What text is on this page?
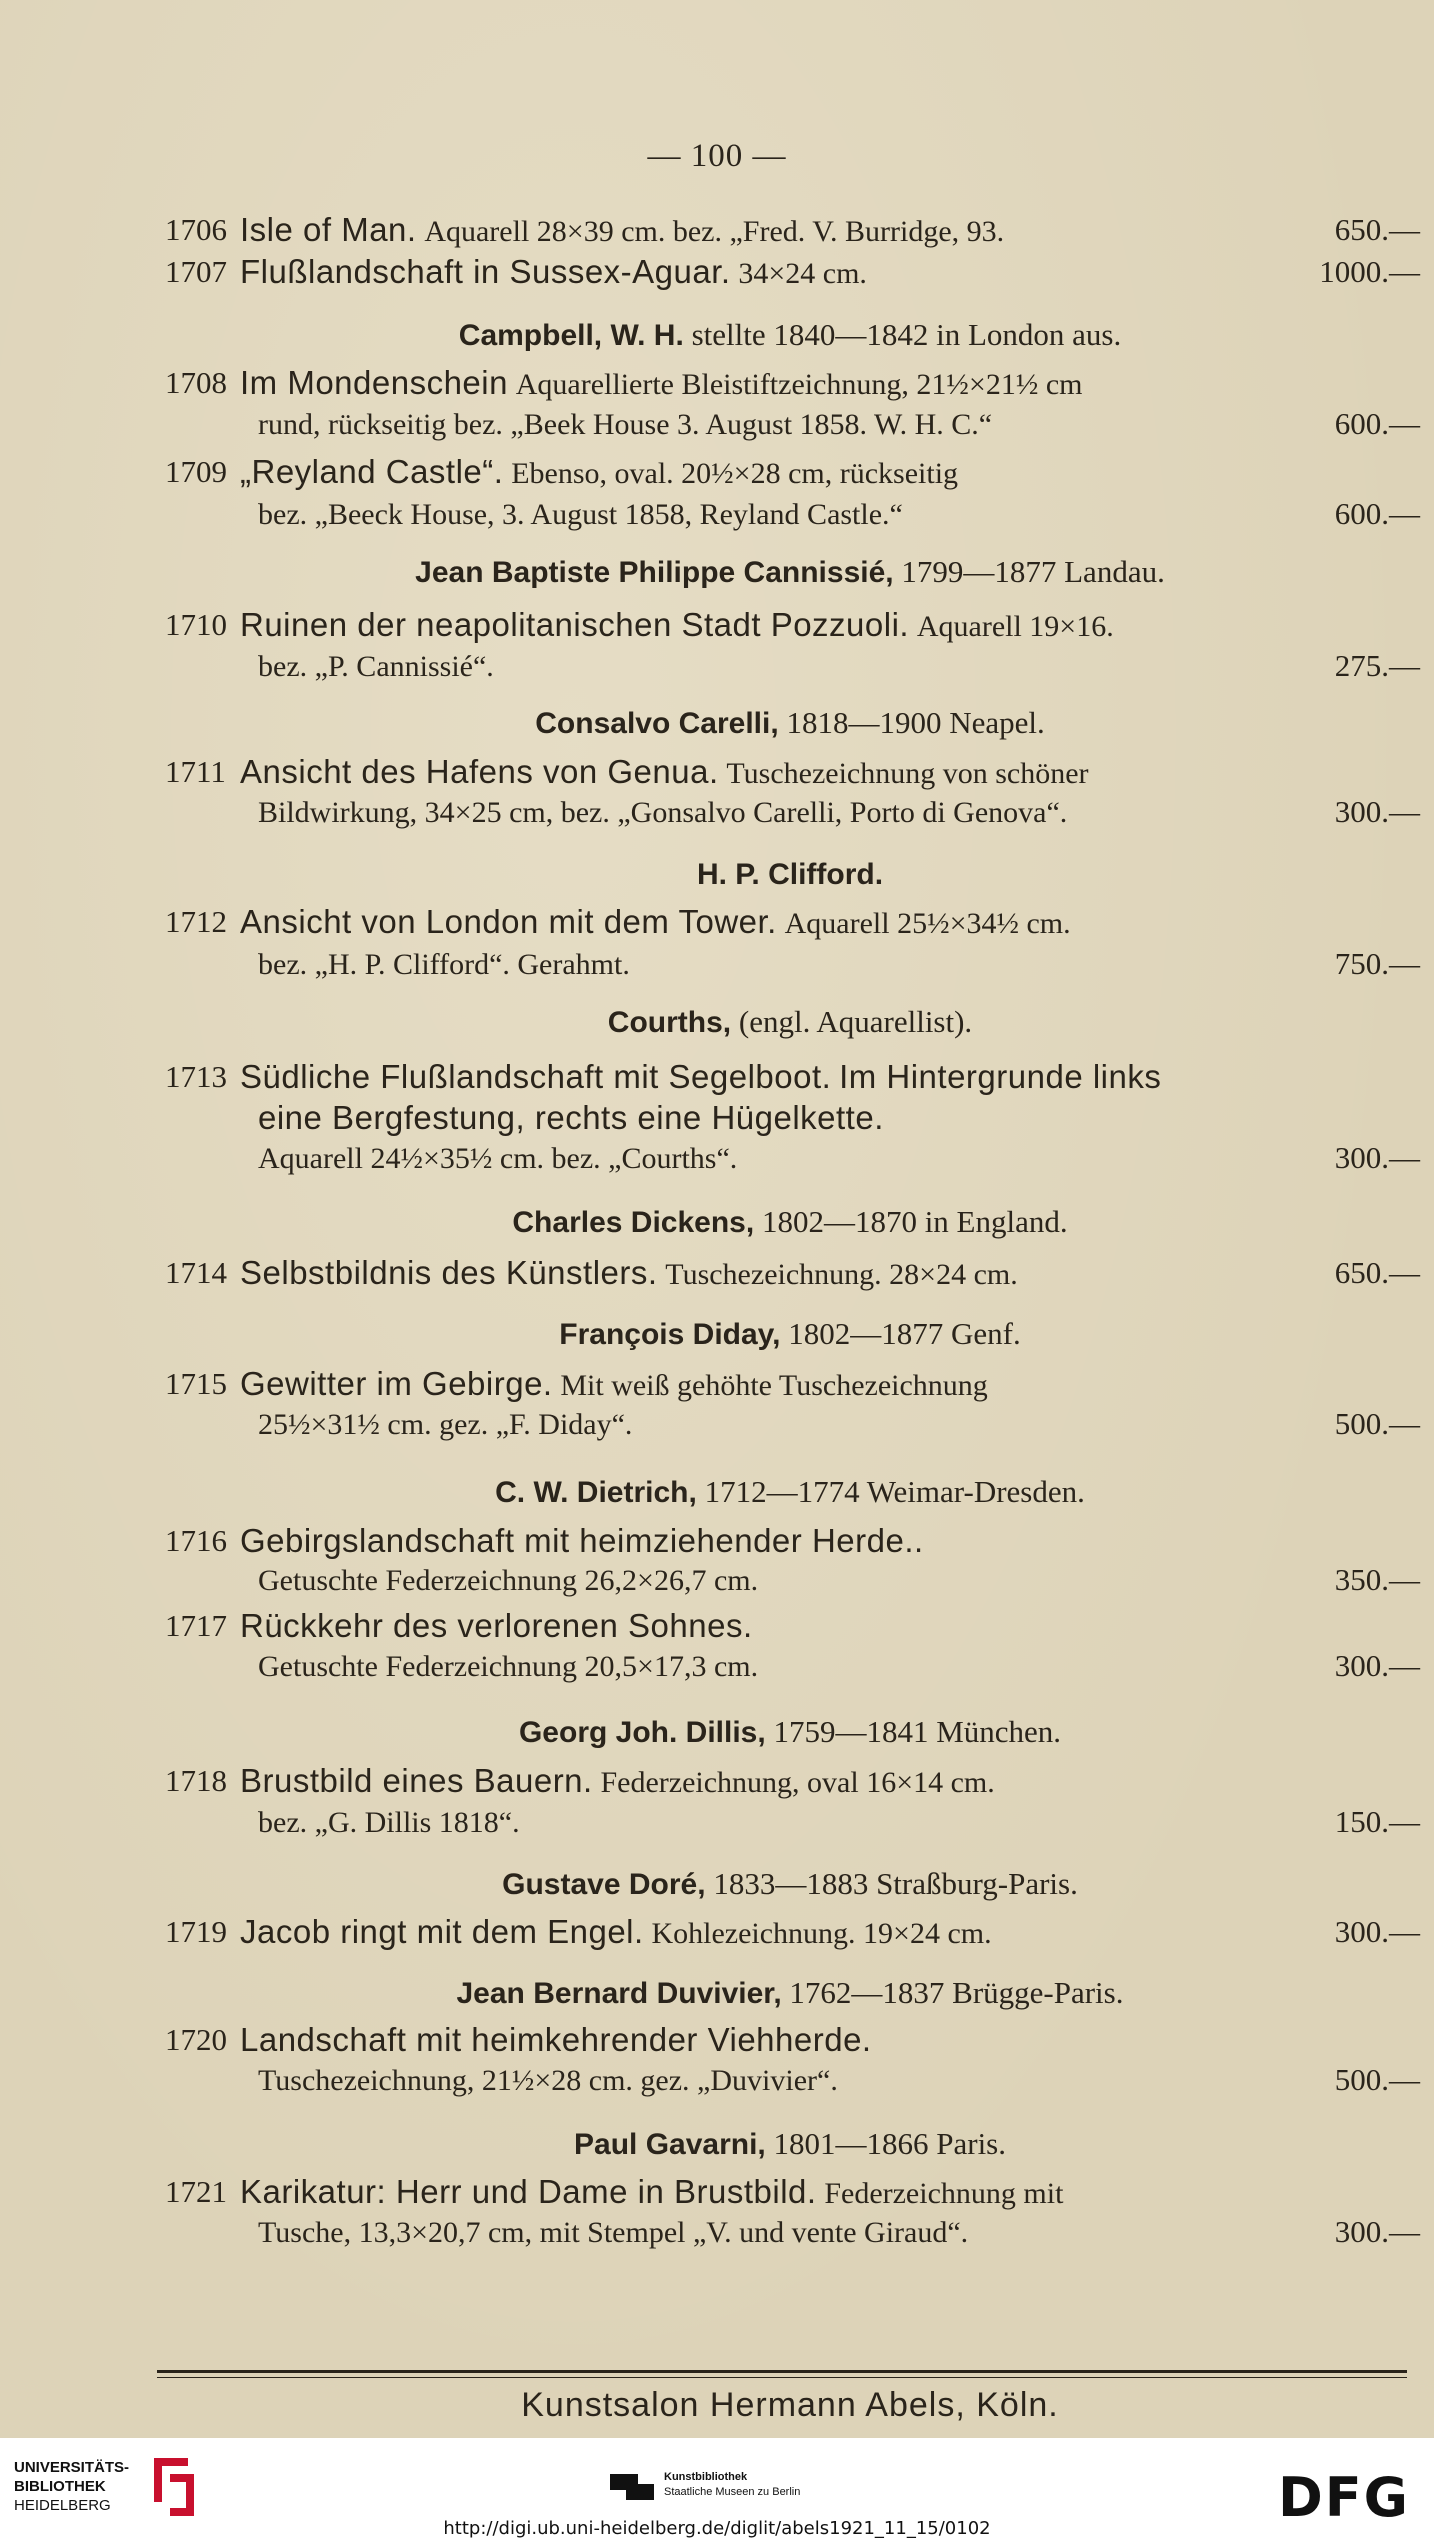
— 100 —
1706 Isle of Man. Aquarell 28×39 cm. bez. „Fred. V. Burridge, 93.	650.—
1707 Flußlandschaft in Sussex-Aguar. 34×24 cm.	1000.—
Campbell, W. H. stellte 1840—1842 in London aus.
1708 Im Mondenschein Aquarellierte Bleistiftzeichnung, 21½×21½ cm
rund, rückseitig bez. „Beek House 3. August 1858. W. H. C.“	600.—
1709 „Reyland Castle“. Ebenso, oval. 20½×28 cm, rückseitig
bez. „Beeck House, 3. August 1858, Reyland Castle.“	600.—
Jean Baptiste Philippe Cannissié, 1799—1877 Landau.
1710 Ruinen der neapolitanischen Stadt Pozzuoli. Aquarell 19×16.
bez. „P. Cannissié“.	275.—
Consalvo Carelli, 1818—1900 Neapel.
1711 Ansicht des Hafens von Genua. Tuschezeichnung von schöner
Bildwirkung, 34×25 cm, bez. „Gonsalvo Carelli, Porto di Genova“.	300.—
H. P. Clifford.
1712 Ansicht von London mit dem Tower. Aquarell 25½×34½ cm.
bez. „H. P. Clifford“. Gerahmt.	750.—
Courths, (engl. Aquarellist).
1713 Südliche Flußlandschaft mit Segelboot. Im Hintergrunde links
eine Bergfestung, rechts eine Hügelkette.
Aquarell 24½×35½ cm. bez. „Courths“.	300.—
Charles Dickens, 1802—1870 in England.
1714 Selbstbildnis des Künstlers. Tuschezeichnung. 28×24 cm.	650.—
François Diday, 1802—1877 Genf.
1715 Gewitter im Gebirge. Mit weiß gehöhte Tuschezeichnung
25½×31½ cm. gez. „F. Diday“.	500.—
C. W. Dietrich, 1712—1774 Weimar-Dresden.
1716 Gebirgslandschaft mit heimziehender Herde..
Getuschte Federzeichnung 26,2×26,7 cm.	350.—
1717 Rückkehr des verlorenen Sohnes.
Getuschte Federzeichnung 20,5×17,3 cm.	300.—
Georg Joh. Dillis, 1759—1841 München.
1718 Brustbild eines Bauern. Federzeichnung, oval 16×14 cm.
bez. „G. Dillis 1818“.	150.—
Gustave Doré, 1833—1883 Straßburg-Paris.
1719 Jacob ringt mit dem Engel. Kohlezeichnung. 19×24 cm.	300.—
Jean Bernard Duvivier, 1762—1837 Brügge-Paris.
1720 Landschaft mit heimkehrender Viehherde.
Tuschezeichnung, 21½×28 cm. gez. „Duvivier“.	500.—
Paul Gavarni, 1801—1866 Paris.
1721 Karikatur: Herr und Dame in Brustbild. Federzeichnung mit
Tusche, 13,3×20,7 cm, mit Stempel „V. und vente Giraud“.	300.—
Kunstsalon Hermann Abels, Köln.
UNIVERSITÄTS-
BIBLIOTHEK
HEIDELBERG
Kunstbibliothek
Staatliche Museen zu Berlin	DFG
http://digi.ub.uni-heidelberg.de/diglit/abels1921_11_15/0102
